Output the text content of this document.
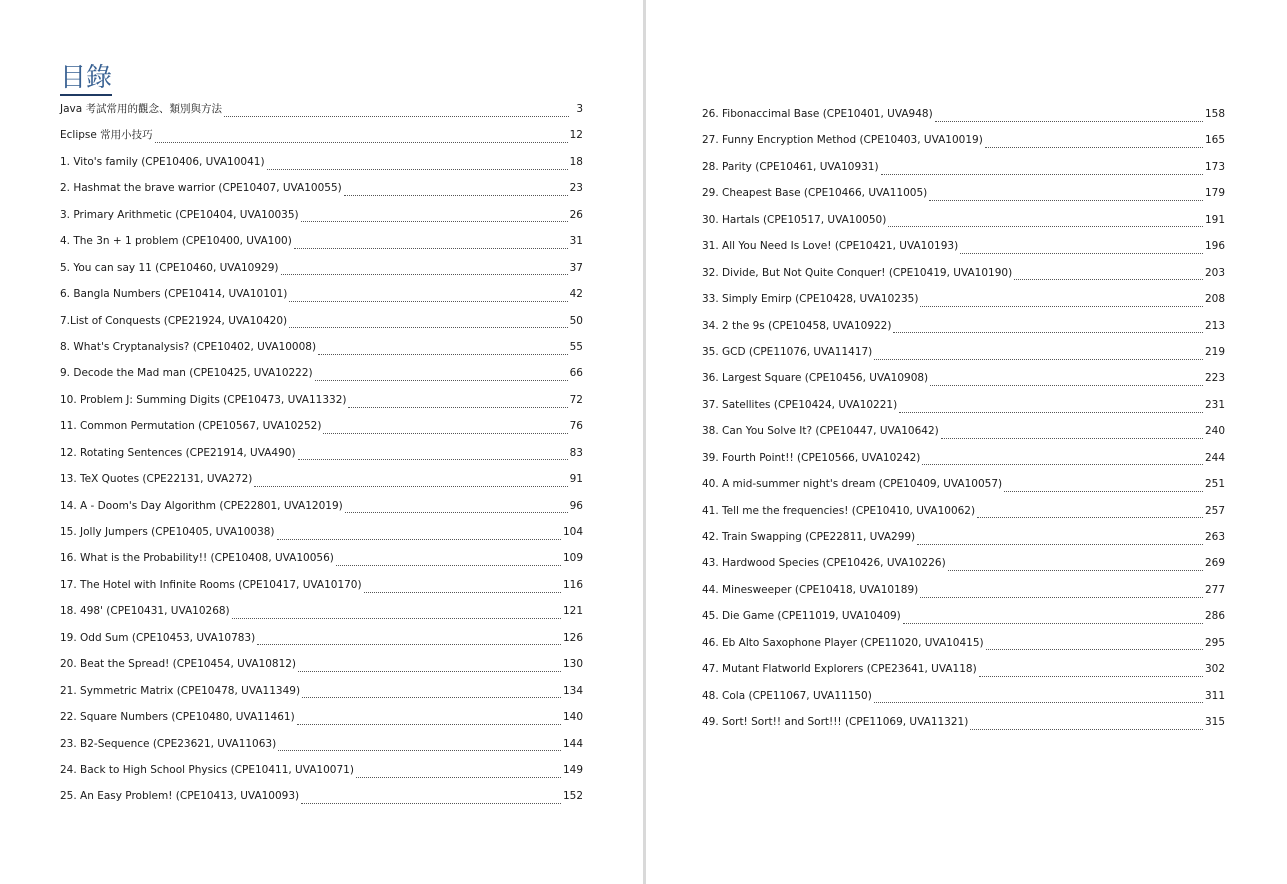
目錄
Java 考試常用的觀念、類別與方法	3
Eclipse 常用小技巧	12
1. Vito's family (CPE10406, UVA10041)	18
2. Hashmat the brave warrior (CPE10407, UVA10055)	23
3. Primary Arithmetic (CPE10404, UVA10035)	26
4. The 3n + 1 problem (CPE10400, UVA100)	31
5. You can say 11 (CPE10460, UVA10929)	37
6. Bangla Numbers (CPE10414, UVA10101)	42
7.List of Conquests (CPE21924, UVA10420)	50
8. What's Cryptanalysis? (CPE10402, UVA10008)	55
9. Decode the Mad man (CPE10425, UVA10222)	66
10. Problem J: Summing Digits (CPE10473, UVA11332)	72
11. Common Permutation (CPE10567, UVA10252)	76
12. Rotating Sentences (CPE21914, UVA490)	83
13. TeX Quotes (CPE22131, UVA272)	91
14. A - Doom's Day Algorithm (CPE22801, UVA12019)	96
15. Jolly Jumpers (CPE10405, UVA10038)	104
16. What is the Probability!! (CPE10408, UVA10056)	109
17. The Hotel with Infinite Rooms (CPE10417, UVA10170)	116
18. 498' (CPE10431, UVA10268)	121
19. Odd Sum (CPE10453, UVA10783)	126
20. Beat the Spread! (CPE10454, UVA10812)	130
21. Symmetric Matrix (CPE10478, UVA11349)	134
22. Square Numbers (CPE10480, UVA11461)	140
23. B2-Sequence (CPE23621, UVA11063)	144
24. Back to High School Physics (CPE10411, UVA10071)	149
25. An Easy Problem! (CPE10413, UVA10093)	152
26. Fibonaccimal Base (CPE10401, UVA948)	158
27. Funny Encryption Method (CPE10403, UVA10019)	165
28. Parity (CPE10461, UVA10931)	173
29. Cheapest Base (CPE10466, UVA11005)	179
30. Hartals (CPE10517, UVA10050)	191
31. All You Need Is Love! (CPE10421, UVA10193)	196
32. Divide, But Not Quite Conquer! (CPE10419, UVA10190)	203
33. Simply Emirp (CPE10428, UVA10235)	208
34. 2 the 9s (CPE10458, UVA10922)	213
35. GCD (CPE11076, UVA11417)	219
36. Largest Square (CPE10456, UVA10908)	223
37. Satellites (CPE10424, UVA10221)	231
38. Can You Solve It? (CPE10447, UVA10642)	240
39. Fourth Point!! (CPE10566, UVA10242)	244
40. A mid-summer night's dream (CPE10409, UVA10057)	251
41. Tell me the frequencies! (CPE10410, UVA10062)	257
42. Train Swapping (CPE22811, UVA299)	263
43. Hardwood Species (CPE10426, UVA10226)	269
44. Minesweeper (CPE10418, UVA10189)	277
45. Die Game (CPE11019, UVA10409)	286
46. Eb Alto Saxophone Player (CPE11020, UVA10415)	295
47. Mutant Flatworld Explorers (CPE23641, UVA118)	302
48. Cola (CPE11067, UVA11150)	311
49. Sort! Sort!! and Sort!!! (CPE11069, UVA11321)	315
